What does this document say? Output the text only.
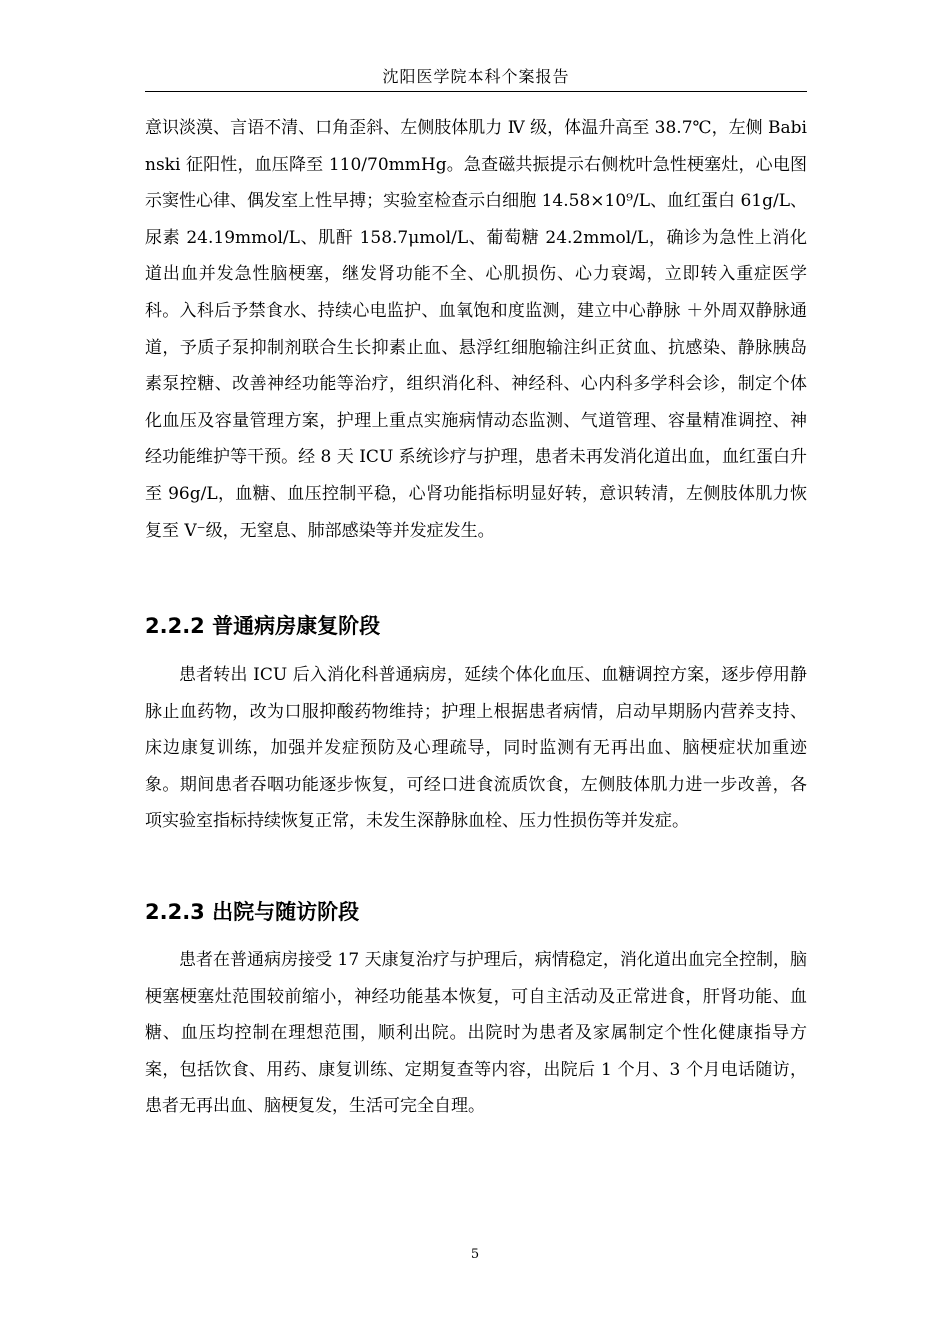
沈阳医学院本科个案报告

意识淡漠、言语不清、口角歪斜、左侧肢体肌力 Ⅳ 级，体温升高至 38.7℃，左侧 Babinski 征阳性，血压降至 110/70mmHg。急查磁共振提示右侧枕叶急性梗塞灶，心电图示窦性心律、偶发室上性早搏；实验室检查示白细胞 14.58×10⁹/L、血红蛋白 61g/L、尿素 24.19mmol/L、肌酐 158.7μmol/L、葡萄糖 24.2mmol/L，确诊为急性上消化道出血并发急性脑梗塞，继发肾功能不全、心肌损伤、心力衰竭，立即转入重症医学科。入科后予禁食水、持续心电监护、血氧饱和度监测，建立中心静脉 ＋外周双静脉通道，予质子泵抑制剂联合生长抑素止血、悬浮红细胞输注纠正贫血、抗感染、静脉胰岛素泵控糖、改善神经功能等治疗，组织消化科、神经科、心内科多学科会诊，制定个体化血压及容量管理方案，护理上重点实施病情动态监测、气道管理、容量精准调控、神经功能维护等干预。经 8 天 ICU 系统诊疗与护理，患者未再发消化道出血，血红蛋白升至 96g/L，血糖、血压控制平稳，心肾功能指标明显好转，意识转清，左侧肢体肌力恢复至 Ⅴ⁻级，无窒息、肺部感染等并发症发生。

2.2.2 普通病房康复阶段

患者转出 ICU 后入消化科普通病房，延续个体化血压、血糖调控方案，逐步停用静脉止血药物，改为口服抑酸药物维持；护理上根据患者病情，启动早期肠内营养支持、床边康复训练，加强并发症预防及心理疏导，同时监测有无再出血、脑梗症状加重迹象。期间患者吞咽功能逐步恢复，可经口进食流质饮食，左侧肢体肌力进一步改善，各项实验室指标持续恢复正常，未发生深静脉血栓、压力性损伤等并发症。

2.2.3 出院与随访阶段

患者在普通病房接受 17 天康复治疗与护理后，病情稳定，消化道出血完全控制，脑梗塞梗塞灶范围较前缩小，神经功能基本恢复，可自主活动及正常进食，肝肾功能、血糖、血压均控制在理想范围，顺利出院。出院时为患者及家属制定个性化健康指导方案，包括饮食、用药、康复训练、定期复查等内容，出院后 1 个月、3 个月电话随访，患者无再出血、脑梗复发，生活可完全自理。

5
